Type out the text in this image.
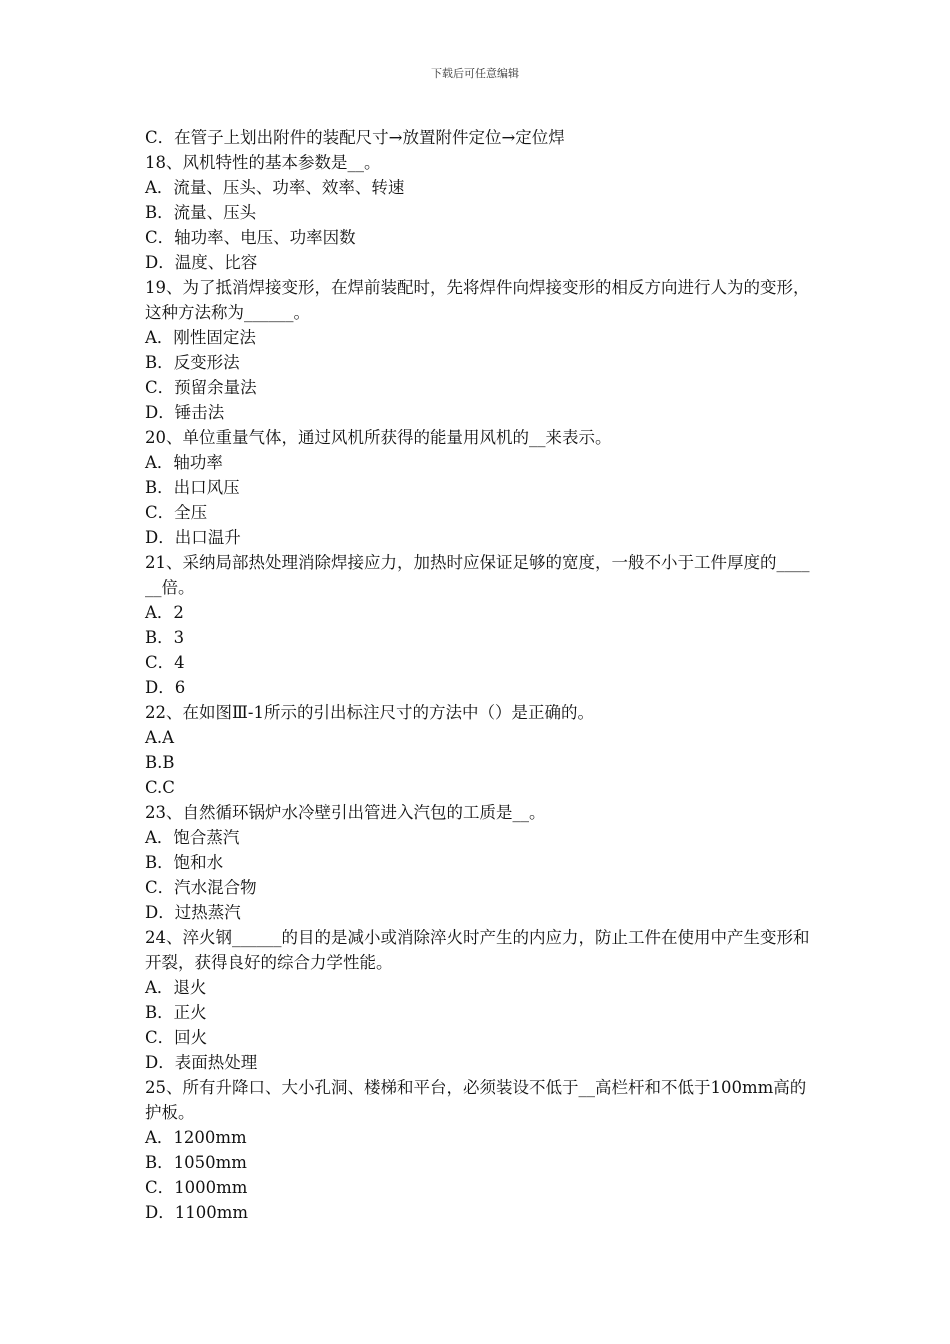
下载后可任意编辑
C．在管子上划出附件的装配尺寸→放置附件定位→定位焊
18、风机特性的基本参数是__。
A．流量、压头、功率、效率、转速
B．流量、压头
C．轴功率、电压、功率因数
D．温度、比容
19、为了抵消焊接变形，在焊前装配时，先将焊件向焊接变形的相反方向进行人为的变形，这种方法称为______。
A．刚性固定法
B．反变形法
C．预留余量法
D．锤击法
20、单位重量气体，通过风机所获得的能量用风机的__来表示。
A．轴功率
B．出口风压
C．全压
D．出口温升
21、采纳局部热处理消除焊接应力，加热时应保证足够的宽度，一般不小于工件厚度的______倍。
A．2
B．3
C．4
D．6
22、在如图Ⅲ-1所示的引出标注尺寸的方法中（）是正确的。
A.A
B.B
C.C
23、自然循环锅炉水冷壁引出管进入汽包的工质是__。
A．饱合蒸汽
B．饱和水
C．汽水混合物
D．过热蒸汽
24、淬火钢______的目的是减小或消除淬火时产生的内应力，防止工件在使用中产生变形和开裂，获得良好的综合力学性能。
A．退火
B．正火
C．回火
D．表面热处理
25、所有升降口、大小孔洞、楼梯和平台，必须装设不低于__高栏杆和不低于100mm高的护板。
A．1200mm
B．1050mm
C．1000mm
D．1100mm
